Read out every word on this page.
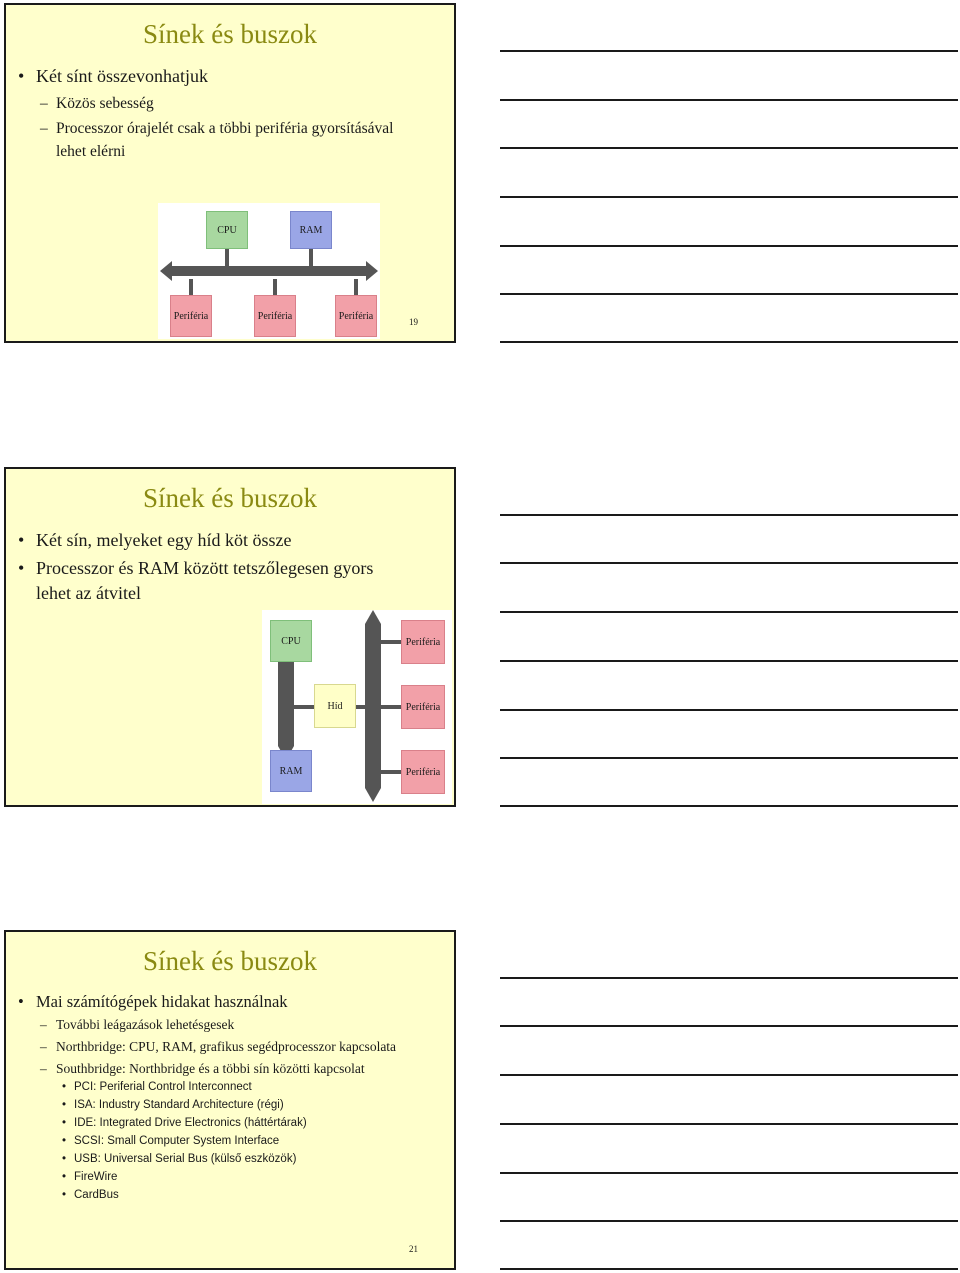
Sínek és buszok
• Két sínt összevonhatjuk
– Közös sebesség
– Processzor órajelét csak a többi periféria gyorsításával
lehet elérni
CPU	RAM
Periféria	Periféria	Periféria
19
Sínek és buszok
• Két sín, melyeket egy híd köt össze
• Processzor és RAM között tetszőlegesen gyors
lehet az átvitel
CPU
Híd
RAM
Periféria
Periféria
Periféria
Sínek és buszok
• Mai számítógépek hidakat használnak
– További leágazások lehetésgesek
– Northbridge: CPU, RAM, grafikus segédprocesszor kapcsolata
– Southbridge: Northbridge és a többi sín közötti kapcsolat
• PCI: Periferial Control Interconnect
• ISA: Industry Standard Architecture (régi)
• IDE: Integrated Drive Electronics (háttértárak)
• SCSI: Small Computer System Interface
• USB: Universal Serial Bus (külső eszközök)
• FireWire
• CardBus
21
